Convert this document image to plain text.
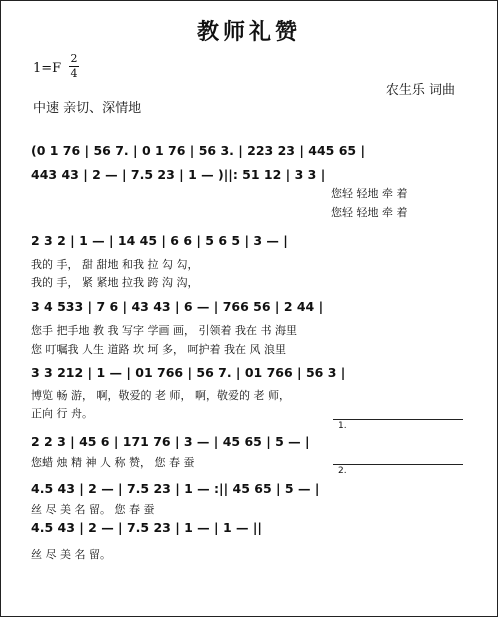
教师礼赞
1=F
2
4
农生乐 词曲
中速 亲切、深情地
(0 1 76 | 56 7. | 0 1 76 | 56 3. | 223 23 | 445 65 |
443 43 | 2 — | 7.5 23 | 1 — )||: 51 12 | 3 3 |
您轻 轻地 牵 着
您轻 轻地 牵 着
2 3 2 | 1 — | 14 45 | 6 6 | 5 6 5 | 3 — |
我的 手， 甜 甜地 和我 拉 勾 勾，
我的 手， 紧 紧地 拉我 跨 沟 沟，
3 4 533 | 7 6 | 43 43 | 6 — | 766 56 | 2 44 |
您手 把手地 教 我 写字 学画 画， 引领着 我在 书 海里
您 叮嘱我 人生 道路 坎 坷 多， 呵护着 我在 风 浪里
3 3 212 | 1 — | 01 766 | 56 7. | 01 766 | 56 3 |
博览 畅 游， 啊，敬爱的 老 师， 啊，敬爱的 老 师，
正向 行 舟。
2 2 3 | 45 6 | 171 76 | 3 — | 45 65 | 5 — |
您蜡 烛 精 神 人 称 赞， 您 春 蚕
4.5 43 | 2 — | 7.5 23 | 1 — :|| 45 65 | 5 — |
丝 尽 美 名 留。 您 春 蚕
4.5 43 | 2 — | 7.5 23 | 1 — | 1 — ||
丝 尽 美 名 留。
1.
2.
